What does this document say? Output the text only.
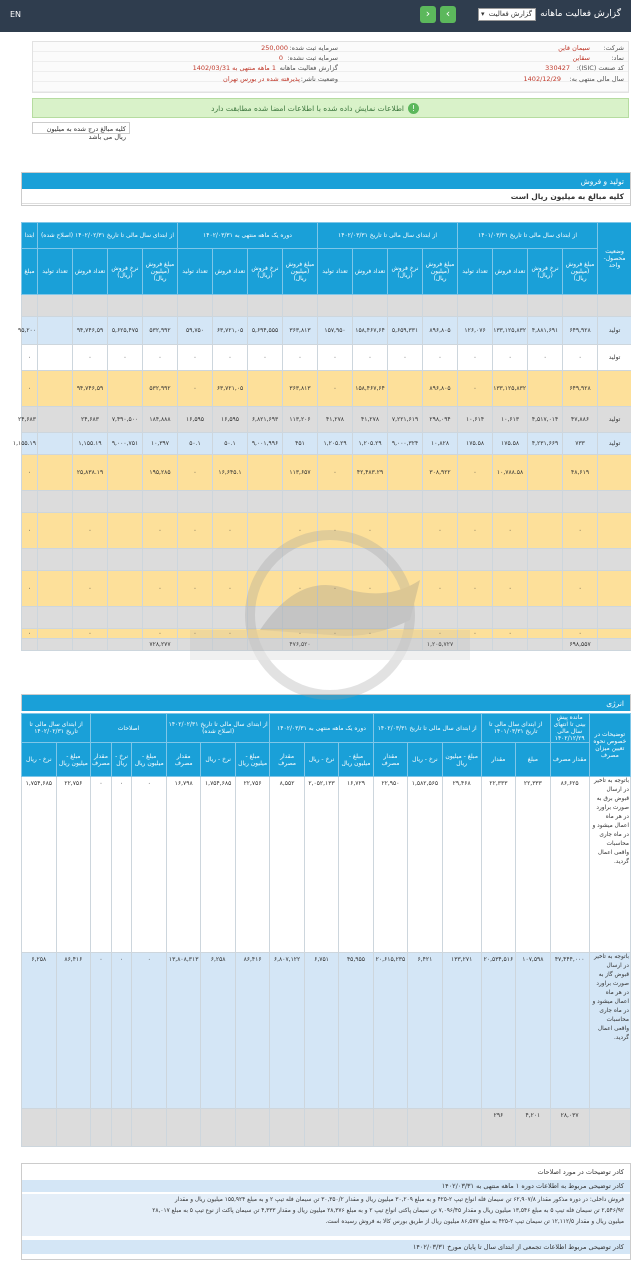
EN	‹	›	گزارش فعالیت
▾	گزارش فعالیت ماهانه
شرکت:
سیمان قاین
نماد:
سقاین
کد صنعت (ISIC):
330427
سال مالی منتهی به:
1402/12/29
سرمایه ثبت شده:
250,000
سرمایه ثبت نشده:
0
گزارش فعالیت ماهانه
1 ماهه منتهی به 1402/03/31
وضعیت ناشر:
پذیرفته شده در بورس تهران
!
اطلاعات نمایش داده شده با اطلاعات امضا شده مطابقت دارد
کلیه مبالغ درج شده به میلیون ریال می باشد
تولید و فروش
کلیه مبالغ به میلیون ریال است
وضعیت محصول-واحد	از ابتدای سال مالی تا تاریخ ۱۴۰۱/۰۳/۳۱				از ابتدای سال مالی تا تاریخ ۱۴۰۲/۰۳/۳۱				دوره یک ماهه منتهی به ۱۴۰۲/۰۳/۳۱				از ابتدای سال مالی تا تاریخ ۱۴۰۲/۰۲/۳۱ (اصلاح شده)				ابتدا
	مبلغ فروش (میلیون ریال)	نرخ فروش (ریال)	تعداد فروش	تعداد تولید	مبلغ فروش (میلیون ریال)	نرخ فروش (ریال)	تعداد فروش	تعداد تولید	مبلغ فروش (میلیون ریال)	نرخ فروش (ریال)	تعداد فروش	تعداد تولید	مبلغ فروش (میلیون ریال)	نرخ فروش (ریال)	تعداد فروش	تعداد تولید	مبلغ

تولید	۶۴۹,۹۲۸	۴,۸۸۱,۶۹۱	۱۳۳,۱۲۵,۸۳۲	۱۲۶,۰۷۶	۸۹۶,۸۰۵	۵,۶۵۹,۳۳۱	۱۵۸,۴۶۷,۶۴	۱۵۷,۹۵۰	۳۶۳,۸۱۳	۵,۶۹۴,۵۵۵	۶۳,۷۲۱,۰۵	۵۹,۷۵۰	۵۳۲,۹۹۲	۵,۶۲۵,۴۷۵	۹۴,۷۴۶,۵۹		۹۵,۲۰۰
تولید	۰	۰	۰	۰	۰	۰	۰	۰	۰	۰	۰	۰	۰	۰	۰		۰
	۶۴۹,۹۲۸		۱۳۳,۱۲۵,۸۳۲	۰	۸۹۶,۸۰۵		۱۵۸,۴۶۷,۶۴	۰	۳۶۳,۸۱۳		۶۳,۷۲۱,۰۵	۰	۵۳۲,۹۹۲		۹۴,۷۴۶,۵۹		۰
تولید	۴۷,۸۸۶	۴,۵۱۷,۰۱۴	۱۰,۶۱۳	۱۰,۶۱۴	۲۹۸,۰۹۴	۷,۲۲۱,۶۱۹	۴۱,۲۷۸	۴۱,۲۷۸	۱۱۳,۲۰۶	۶,۸۲۱,۶۹۳	۱۶,۵۹۵	۱۶,۵۹۵	۱۸۴,۸۸۸	۷,۴۹۰,۵۰۰	۲۴,۶۸۳		۲۴,۶۸۳
تولید	۷۳۳	۴,۲۳۱,۶۶۹	۱۷۵.۵۸	۱۷۵.۵۸	۱۰,۸۲۸	۹,۰۰۰,۳۲۴	۱,۲۰۵.۲۹	۱,۲۰۵.۲۹	۴۵۱	۹,۰۰۱,۹۹۶	۵۰.۱	۵۰.۱	۱۰,۳۹۷	۹,۰۰۰,۷۵۱	۱,۱۵۵.۱۹		۱,۱۵۵.۱۹
	۴۸,۶۱۹		۱۰,۷۸۸.۵۸	۰	۳۰۸,۹۲۲		۴۲,۴۸۳.۲۹	۰	۱۱۳,۶۵۷		۱۶,۶۴۵.۱	۰	۱۹۵,۲۸۵		۲۵,۸۳۸.۱۹		۰

	۰		۰	۰	۰		۰	۰	۰		۰	۰	۰		۰		۰

	۰		۰	۰	۰		۰	۰	۰		۰	۰	۰		۰		۰

	۰		۰	۰	۰		۰	۰	۰		۰	۰	۰		۰		۰
	۶۹۸,۵۵۷				۱,۲۰۵,۷۲۷				۴۷۶,۵۲۰				۷۲۸,۲۷۷				
انرژی
توضیحات در خصوص نحوه تعیین میزان مصرف	مانده پیش بینی تا انتهای سال مالی ۱۴۰۲/۱۲/۲۹	از ابتدای سال مالی تا تاریخ ۱۴۰۱/۰۳/۳۱		از ابتدای سال مالی تا تاریخ ۱۴۰۲/۰۳/۳۱			دوره یک ماهه منتهی به ۱۴۰۲/۰۳/۳۱			از ابتدای سال مالی تا تاریخ ۱۴۰۲/۰۲/۳۱ (اصلاح شده)			اصلاحات			از ابتدای سال مالی تا تاریخ ۱۴۰۲/۰۲/۳۱	
	مقدار مصرف	مبلغ	مقدار	مبلغ - میلیون ریال	نرخ - ریال	مقدار مصرف	مبلغ - میلیون ریال	نرخ - ریال	مقدار مصرف	مبلغ - میلیون ریال	نرخ - ریال	مقدار مصرف	مبلغ - میلیون ریال	نرخ - ریال	مقدار مصرف	مبلغ - میلیون ریال	نرخ - ریال
باتوجه به تاخیر در ارسال قبوض برق به صورت براورد در هر ماه اعمال میشود و در ماه جاری محاسبات واقعی اعمال گردید.	۸۶,۶۲۵	۲۲,۳۳۳	۲۲,۳۳۳	۲۹,۴۶۸	۱,۵۸۲,۵۶۵	۲۲,۹۵۰	۱۶,۷۲۹	۲,۰۵۲,۱۳۳	۸,۵۵۲	۲۲,۷۵۶	۱,۷۵۴,۶۸۵	۱۶,۷۹۸	۰	۰	۰	۲۲,۷۵۶	۱,۷۵۴,۶۸۵
باتوجه به تاخیر در ارسال قبوض گاز به صورت براورد در هر ماه اعمال میشود و در ماه جاری محاسبات واقعی اعمال گردید.	۴۷,۴۴۴,۰۰۰	۱۰۷,۵۹۸	۲۰,۵۳۴,۵۱۶	۱۳۳,۲۷۱	۶,۴۲۱	۲۰,۶۱۵,۲۳۵	۴۵,۹۵۵	۶,۷۵۱	۶,۸۰۷,۱۲۲	۸۶,۴۱۶	۶,۲۵۸	۱۳,۸۰۸,۳۱۳	۰	۰	۰	۸۶,۴۱۶	۶,۲۵۸
	۲۸,۰۳۷	۴,۲۰۱	۲۹۶														
کادر توضیحات در مورد اصلاحات
کادر توضیحی مربوط به اطلاعات دوره ۱ ماهه منتهی به ۱۴۰۲/۰۳/۳۱
فروش داخلی: در دوره مذکور مقدار ۶۲,۹۰۷/۸ تن سیمان فله انواع تیپ ۲-۴۲۵ و به مبلغ ۳۰,۲۰۹ میلیون ریال و مقدار ۳۰,۳۵۰/۲ تن سیمان فله تیپ ۲ و به مبلغ ۱۵۵,۹۲۴ میلیون ریال و مقدار
۲,۵۴۶/۹۲ تن سیمان فله تیپ ۵ به مبلغ ۱۳,۵۴۶ میلیون ریال و مقدار ۷,۰۹۶/۴۵ تن سیمان پاکتی انواع تیپ ۲ و به مبلغ ۲۸,۳۷۶ میلیون ریال و مقدار ۴,۳۳۳ تن سیمان پاکت از نوع تیپ ۵ به مبلغ ۲۸,۰۱۷
میلیون ریال و مقدار ۱۲,۱۱۲/۵ تن سیمان تیپ ۲-۴۲۵ به مبلغ ۸۶,۵۷۷ میلیون ریال از طریق بورس کالا به فروش رسیده است.
کادر توضیحی مربوط اطلاعات تجمعی از ابتدای سال تا پایان مورخ ۱۴۰۲/۰۳/۳۱
